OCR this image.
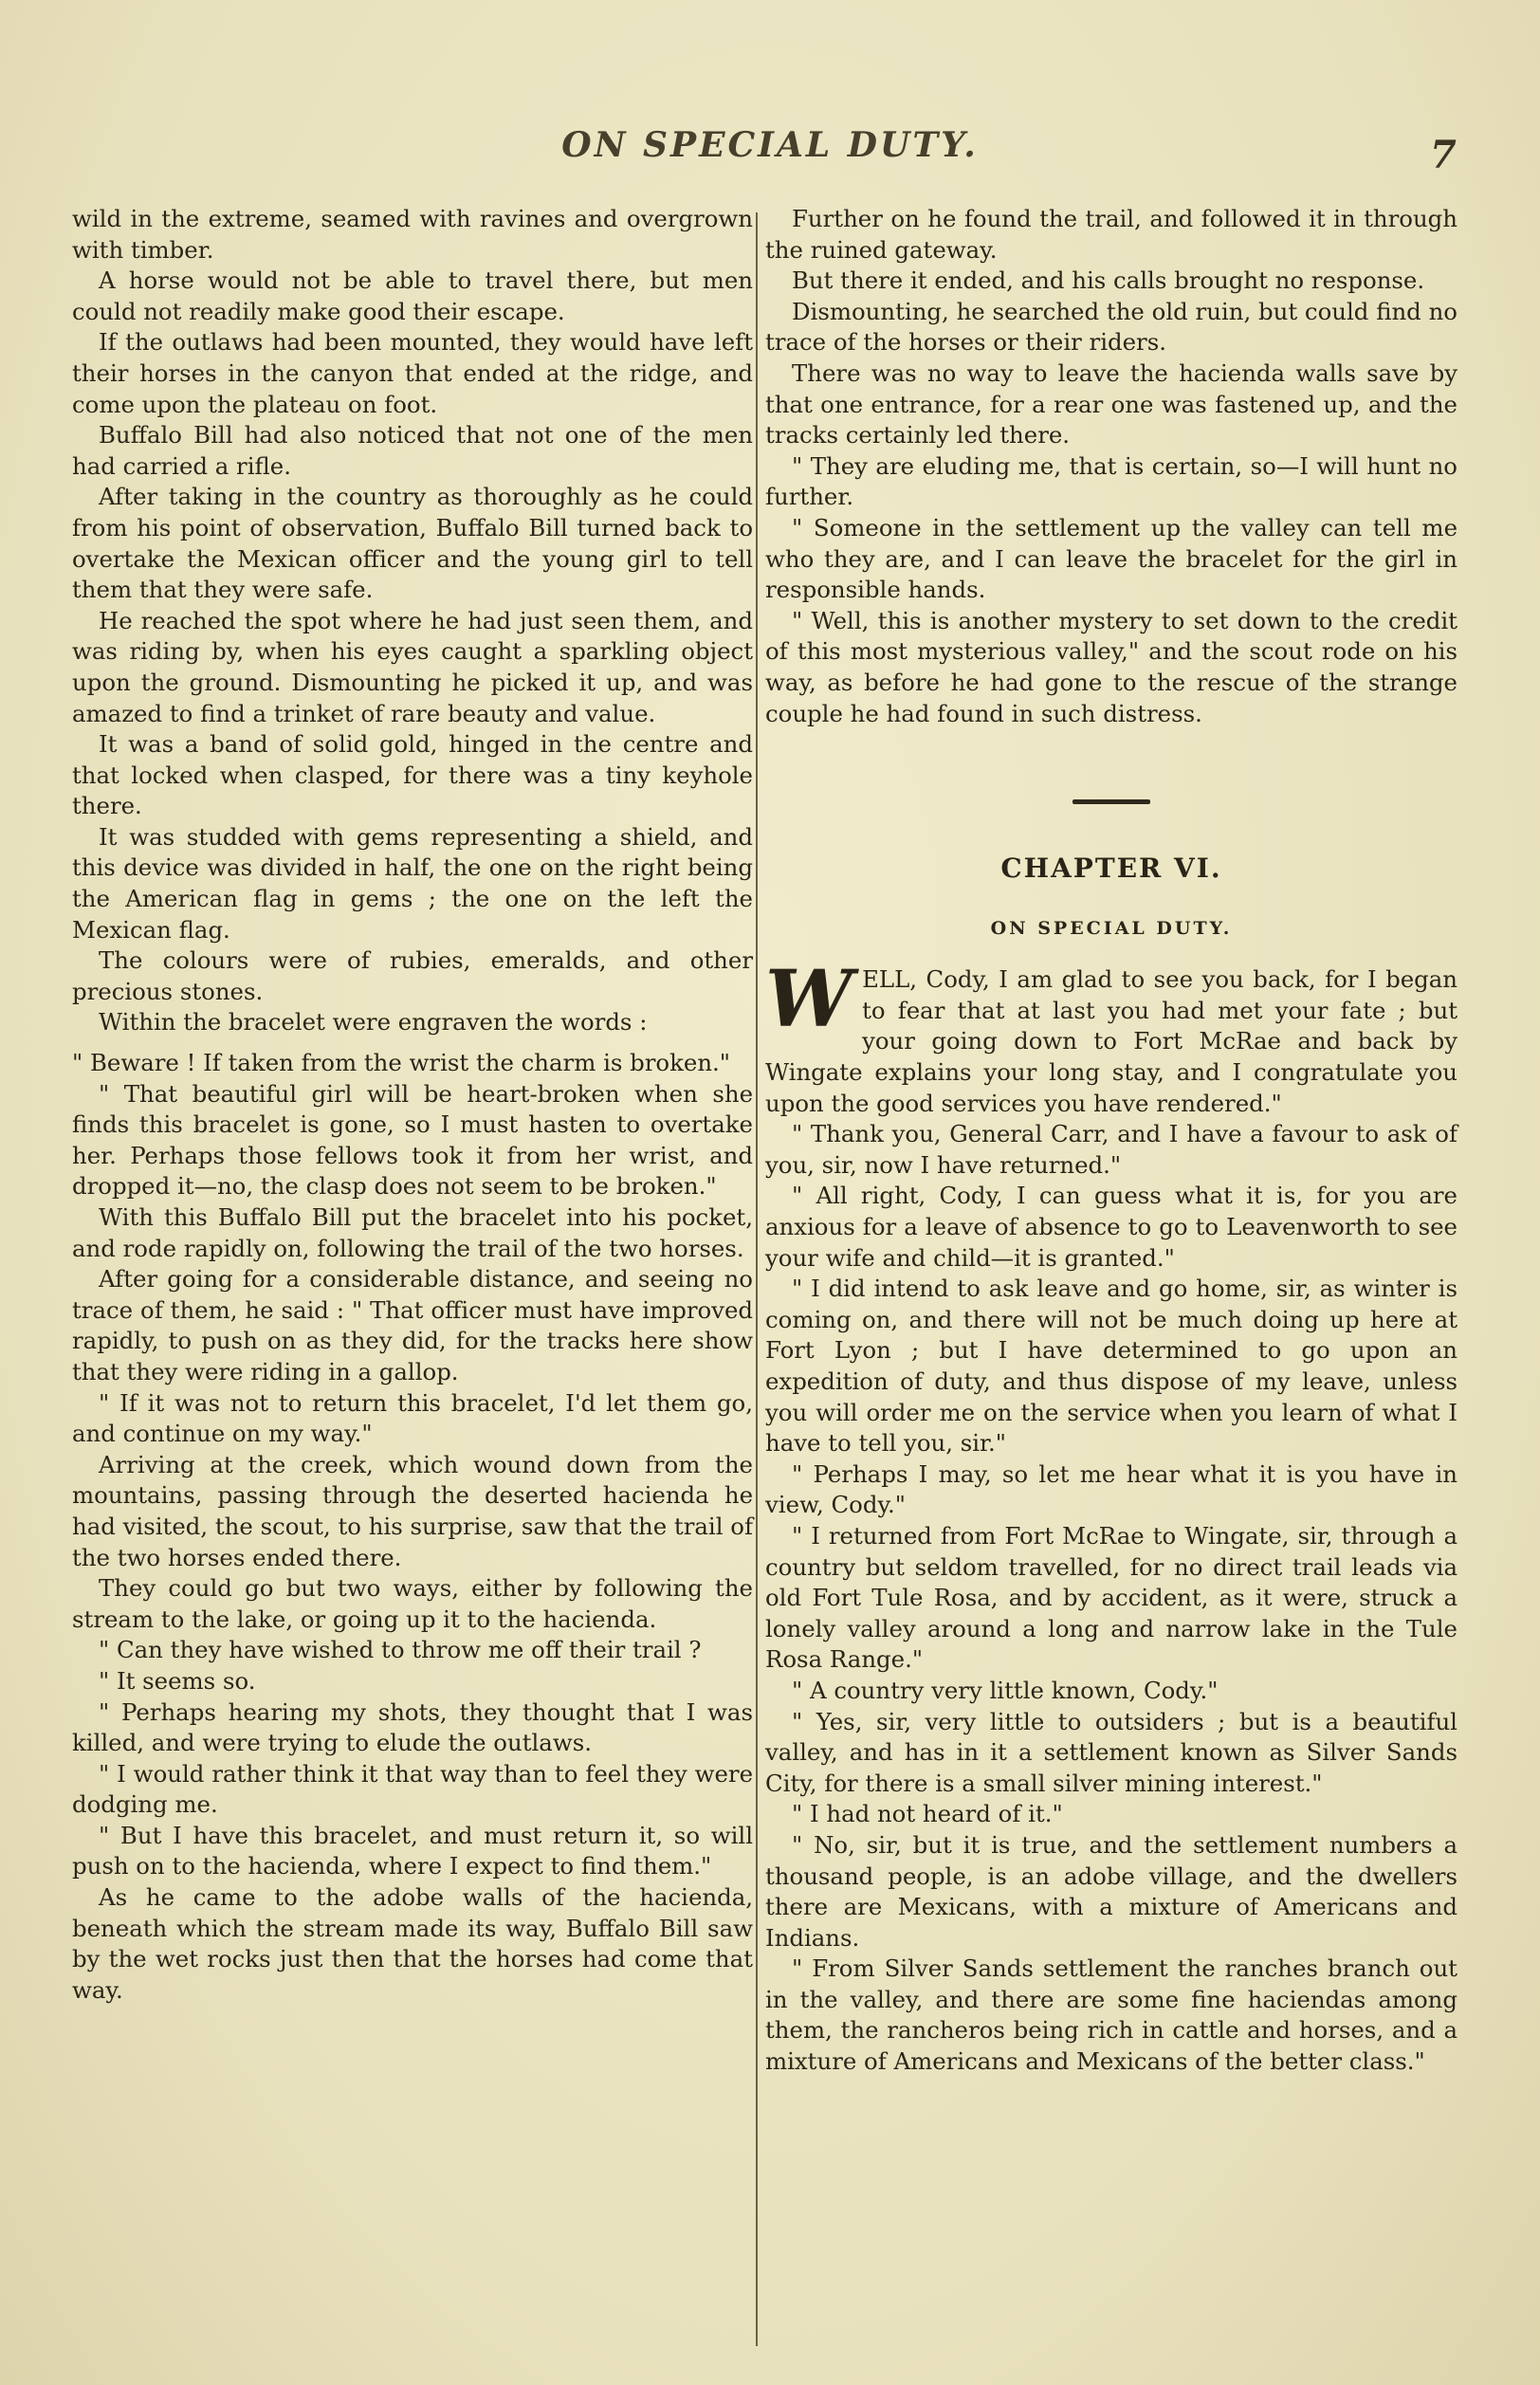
ON SPECIAL DUTY.	7

wild in the extreme, seamed with ravines and overgrown with timber.

A horse would not be able to travel there, but men could not readily make good their escape.

If the outlaws had been mounted, they would have left their horses in the canyon that ended at the ridge, and come upon the plateau on foot.

Buffalo Bill had also noticed that not one of the men had carried a rifle.

After taking in the country as thoroughly as he could from his point of observation, Buffalo Bill turned back to overtake the Mexican officer and the young girl to tell them that they were safe.

He reached the spot where he had just seen them, and was riding by, when his eyes caught a sparkling object upon the ground. Dismounting he picked it up, and was amazed to find a trinket of rare beauty and value.

It was a band of solid gold, hinged in the centre and that locked when clasped, for there was a tiny keyhole there.

It was studded with gems representing a shield, and this device was divided in half, the one on the right being the American flag in gems ; the one on the left the Mexican flag.

The colours were of rubies, emeralds, and other precious stones.

Within the bracelet were engraven the words :

" Beware ! If taken from the wrist the charm is broken."

" That beautiful girl will be heart-broken when she finds this bracelet is gone, so I must hasten to overtake her. Perhaps those fellows took it from her wrist, and dropped it—no, the clasp does not seem to be broken."

With this Buffalo Bill put the bracelet into his pocket, and rode rapidly on, following the trail of the two horses.

After going for a considerable distance, and seeing no trace of them, he said : " That officer must have improved rapidly, to push on as they did, for the tracks here show that they were riding in a gallop.

" If it was not to return this bracelet, I'd let them go, and continue on my way."

Arriving at the creek, which wound down from the mountains, passing through the deserted hacienda he had visited, the scout, to his surprise, saw that the trail of the two horses ended there.

They could go but two ways, either by following the stream to the lake, or going up it to the hacienda.

" Can they have wished to throw me off their trail ?

" It seems so.

" Perhaps hearing my shots, they thought that I was killed, and were trying to elude the outlaws.

" I would rather think it that way than to feel they were dodging me.

" But I have this bracelet, and must return it, so will push on to the hacienda, where I expect to find them."

As he came to the adobe walls of the hacienda, beneath which the stream made its way, Buffalo Bill saw by the wet rocks just then that the horses had come that way.

Further on he found the trail, and followed it in through the ruined gateway.

But there it ended, and his calls brought no response.

Dismounting, he searched the old ruin, but could find no trace of the horses or their riders.

There was no way to leave the hacienda walls save by that one entrance, for a rear one was fastened up, and the tracks certainly led there.

" They are eluding me, that is certain, so—I will hunt no further.

" Someone in the settlement up the valley can tell me who they are, and I can leave the bracelet for the girl in responsible hands.

" Well, this is another mystery to set down to the credit of this most mysterious valley," and the scout rode on his way, as before he had gone to the rescue of the strange couple he had found in such distress.

CHAPTER VI.
ON SPECIAL DUTY.

WELL, Cody, I am glad to see you back, for I began to fear that at last you had met your fate ; but your going down to Fort McRae and back by Wingate explains your long stay, and I congratulate you upon the good services you have rendered."

" Thank you, General Carr, and I have a favour to ask of you, sir, now I have returned."

" All right, Cody, I can guess what it is, for you are anxious for a leave of absence to go to Leavenworth to see your wife and child—it is granted."

" I did intend to ask leave and go home, sir, as winter is coming on, and there will not be much doing up here at Fort Lyon ; but I have determined to go upon an expedition of duty, and thus dispose of my leave, unless you will order me on the service when you learn of what I have to tell you, sir."

" Perhaps I may, so let me hear what it is you have in view, Cody."

" I returned from Fort McRae to Wingate, sir, through a country but seldom travelled, for no direct trail leads via old Fort Tule Rosa, and by accident, as it were, struck a lonely valley around a long and narrow lake in the Tule Rosa Range."

" A country very little known, Cody."

" Yes, sir, very little to outsiders ; but is a beautiful valley, and has in it a settlement known as Silver Sands City, for there is a small silver mining interest."

" I had not heard of it."

" No, sir, but it is true, and the settlement numbers a thousand people, is an adobe village, and the dwellers there are Mexicans, with a mixture of Americans and Indians.

" From Silver Sands settlement the ranches branch out in the valley, and there are some fine haciendas among them, the rancheros being rich in cattle and horses, and a mixture of Americans and Mexicans of the better class."
